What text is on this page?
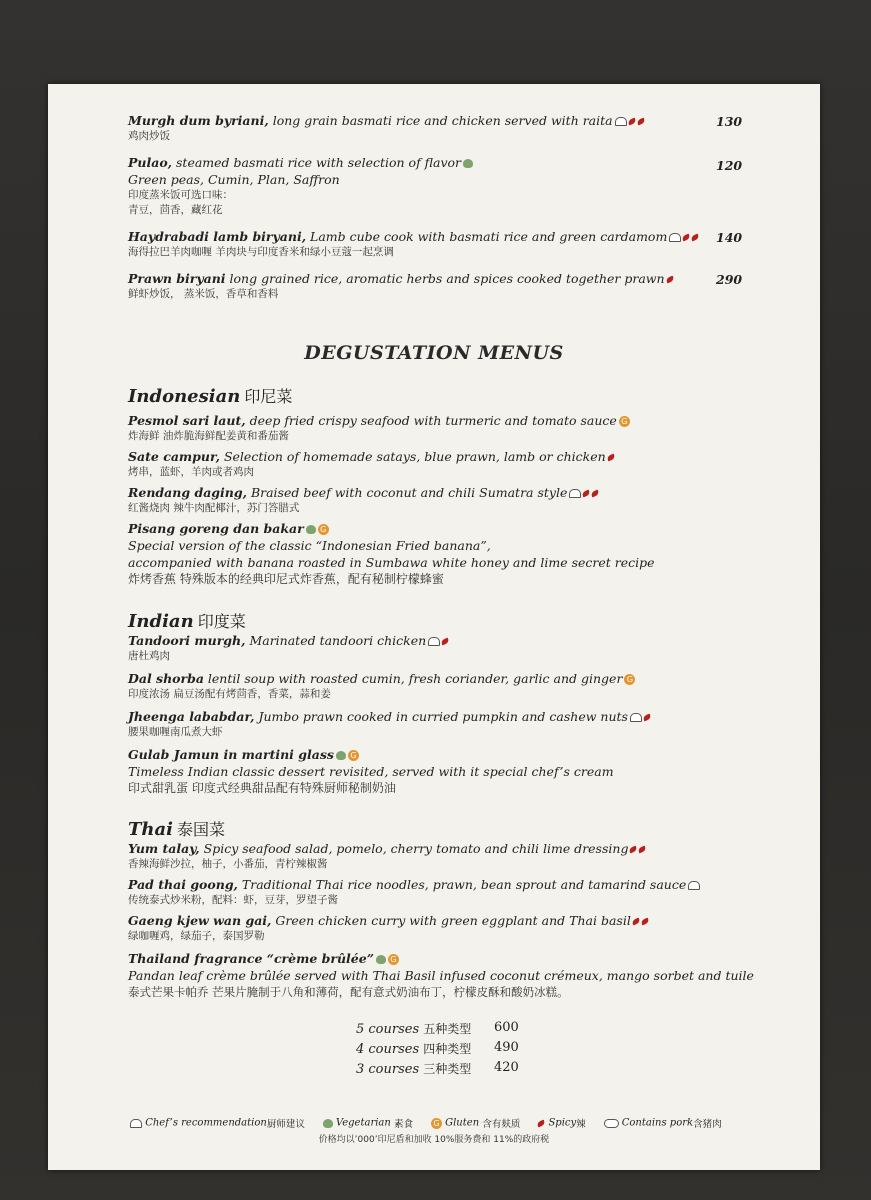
Murgh dum byriani, long grain basmati rice and chicken served with raita
鸡肉炒饭
130
Pulao, steamed basmati rice with selection of flavor
Green peas, Cumin, Plan, Saffron
印度蒸米饭可选口味：
青豆，茴香，藏红花
120
Haydrabadi lamb biryani, Lamb cube cook with basmati rice and green cardamom
海得拉巴羊肉咖喱 羊肉块与印度香米和绿小豆蔻一起烹调
140
Prawn biryani long grained rice, aromatic herbs and spices cooked together prawn
鲜虾炒饭， 蒸米饭，香草和香料
290
DEGUSTATION MENUS
Indonesian 印尼菜
Pesmol sari laut, deep fried crispy seafood with turmeric and tomato sauce G
炸海鲜 油炸脆海鲜配姜黄和番茄酱
Sate campur, Selection of homemade satays, blue prawn, lamb or chicken
烤串，蓝虾，羊肉或者鸡肉
Rendang daging, Braised beef with coconut and chili Sumatra style
红酱烧肉 辣牛肉配椰汁，苏门答腊式
Pisang goreng dan bakar G
Special version of the classic “Indonesian Fried banana”,
accompanied with banana roasted in Sumbawa white honey and lime secret recipe
炸烤香蕉 特殊版本的经典印尼式炸香蕉，配有秘制柠檬蜂蜜
Indian 印度菜
Tandoori murgh, Marinated tandoori chicken
唐杜鸡肉
Dal shorba lentil soup with roasted cumin, fresh coriander, garlic and ginger G
印度浓汤 扁豆汤配有烤茴香，香菜，蒜和姜
Jheenga lababdar, Jumbo prawn cooked in curried pumpkin and cashew nuts
腰果咖喱南瓜煮大虾
Gulab Jamun in martini glass G
Timeless Indian classic dessert revisited, served with it special chef’s cream
印式甜乳蛋 印度式经典甜品配有特殊厨师秘制奶油
Thai 泰国菜
Yum talay, Spicy seafood salad, pomelo, cherry tomato and chili lime dressing
香辣海鲜沙拉，柚子，小番茄，青柠辣椒酱
Pad thai goong, Traditional Thai rice noodles, prawn, bean sprout and tamarind sauce
传统泰式炒米粉，配料：虾，豆芽，罗望子酱
Gaeng kjew wan gai, Green chicken curry with green eggplant and Thai basil
绿咖喱鸡，绿茄子，泰国罗勒
Thailand fragrance “crème brûlée” G
Pandan leaf crème brûlée served with Thai Basil infused coconut crémeux, mango sorbet and tuile
泰式芒果卡帕乔 芒果片腌制于八角和薄荷，配有意式奶油布丁，柠檬皮酥和酸奶冰糕。
5 courses 五种类型 600
4 courses 四种类型 490
3 courses 三种类型 420
Chef’s recommendation厨师建议	Vegetarian 素食	G Gluten 含有麸质	Spicy辣	Contains pork含猪肉
价格均以’000’印尼盾和加收 10%服务费和 11%的政府税
